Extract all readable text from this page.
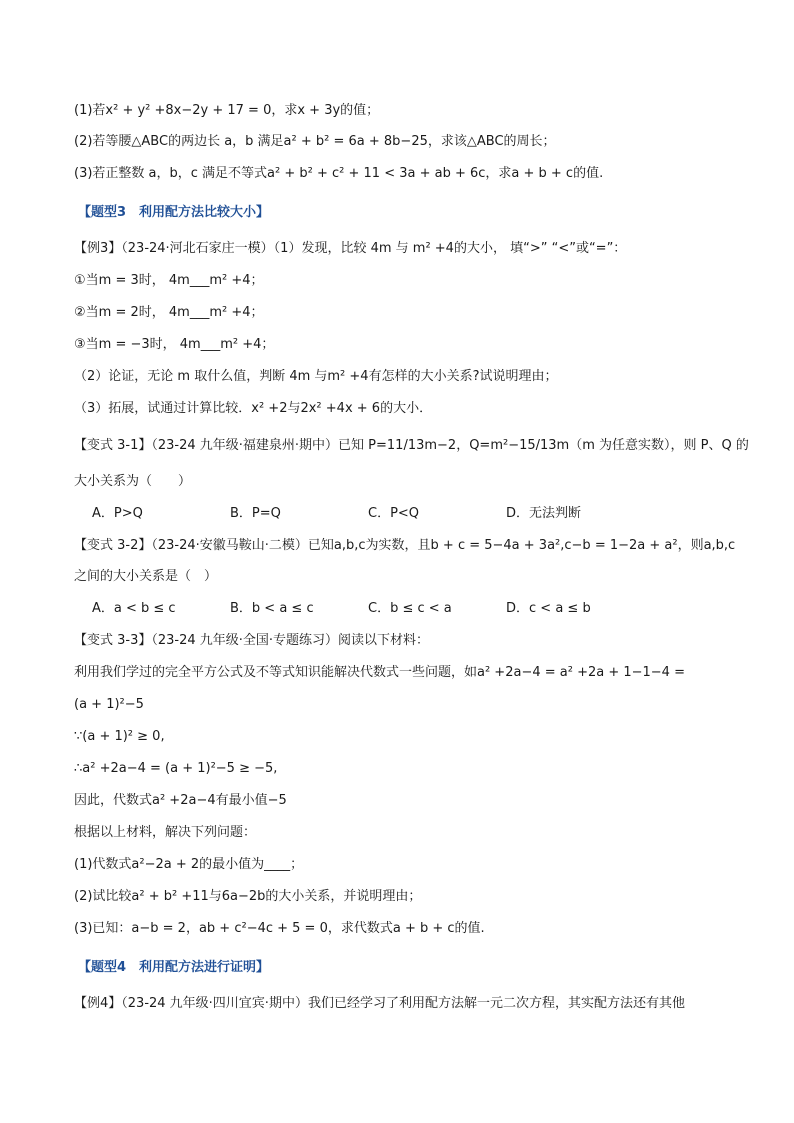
(1)若x² + y² +8x−2y + 17 = 0，求x + 3y的值；
(2)若等腰△ABC的两边长 a，b 满足a² + b² = 6a + 8b−25，求该△ABC的周长；
(3)若正整数 a，b，c 满足不等式a² + b² + c² + 11 < 3a + ab + 6c，求a + b + c的值.
【题型3　利用配方法比较大小】
【例3】（23-24·河北石家庄一模）（1）发现，比较 4m 与 m² +4的大小， 填“>” “<”或“=”：
①当m = 3时， 4m___m² +4；
②当m = 2时， 4m___m² +4；
③当m = −3时， 4m___m² +4；
（2）论证，无论 m 取什么值，判断 4m 与m² +4有怎样的大小关系?试说明理由；
（3）拓展，试通过计算比较．x² +2与2x² +4x + 6的大小．
【变式 3-1】（23-24 九年级·福建泉州·期中）已知 P=11/13m−2，Q=m²−15/13m（m 为任意实数），则 P、Q 的
大小关系为（　　）
A．P>Q	B．P=Q	C．P<Q	D．无法判断
【变式 3-2】（23-24·安徽马鞍山·二模）已知a,b,c为实数，且b + c = 5−4a + 3a²,c−b = 1−2a + a²，则a,b,c
之间的大小关系是（　）
A．a < b ≤ c	B．b < a ≤ c	C．b ≤ c < a	D．c < a ≤ b
【变式 3-3】（23-24 九年级·全国·专题练习）阅读以下材料：
利用我们学过的完全平方公式及不等式知识能解决代数式一些问题，如a² +2a−4 = a² +2a + 1−1−4 =
(a + 1)²−5
∵(a + 1)² ≥ 0,
∴a² +2a−4 = (a + 1)²−5 ≥ −5,
因此，代数式a² +2a−4有最小值−5
根据以上材料，解决下列问题：
(1)代数式a²−2a + 2的最小值为____；
(2)试比较a² + b² +11与6a−2b的大小关系，并说明理由；
(3)已知：a−b = 2，ab + c²−4c + 5 = 0，求代数式a + b + c的值.
【题型4　利用配方法进行证明】
【例4】（23-24 九年级·四川宜宾·期中）我们已经学习了利用配方法解一元二次方程，其实配方法还有其他
